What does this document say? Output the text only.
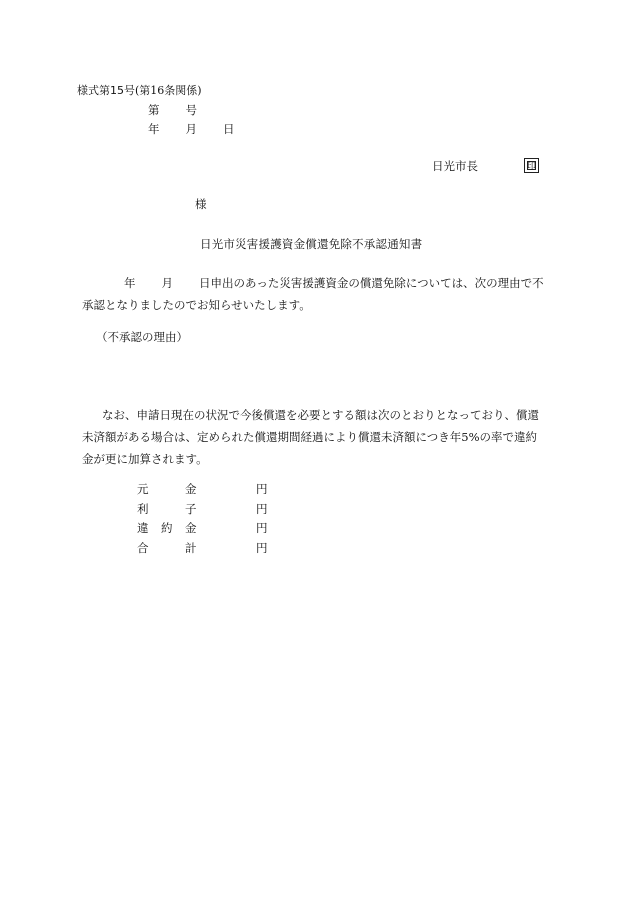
様式第15号(第16条関係)
第 号
年 月 日
日光市長	印
様
日光市災害援護資金償還免除不承認通知書
年 月 日申出のあった災害援護資金の償還免除については、次の理由で不
承認となりましたのでお知らせいたします。
（不承認の理由）
なお、申請日現在の状況で今後償還を必要とする額は次のとおりとなっており、償還
未済額がある場合は、定められた償還期間経過により償還未済額につき年5%の率で違約
金が更に加算されます。
元	金	円
利	子	円
違 約 金	円
合	計	円
